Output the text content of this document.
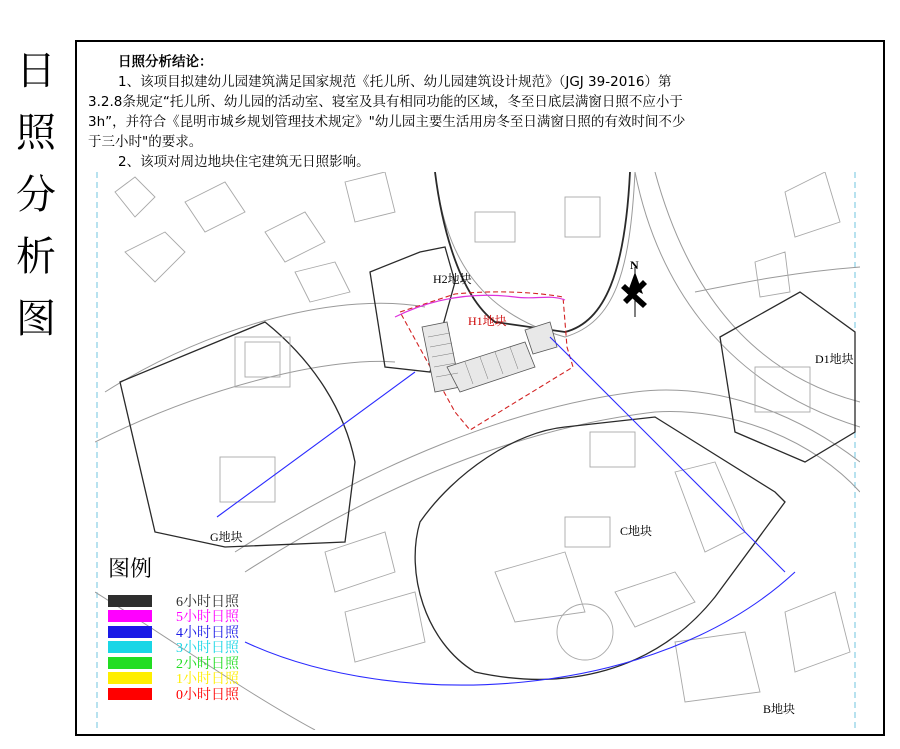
日
照
分
析
图

日照分析结论：

1、该项目拟建幼儿园建筑满足国家规范《托儿所、幼儿园建筑设计规范》（JGJ 39-2016）第

3.2.8条规定“托儿所、幼儿园的活动室、寝室及具有相同功能的区域，冬至日底层满窗日照不应小于

3h”，并符合《昆明市城乡规划管理技术规定》"幼儿园主要生活用房冬至日满窗日照的有效时间不少

于三小时"的要求。

2、该项对周边地块住宅建筑无日照影响。

H2地块
H1地块
D1地块
G地块	C地块
B地块
N
图例
6小时日照
5小时日照
4小时日照
3小时日照
2小时日照
1小时日照
0小时日照
